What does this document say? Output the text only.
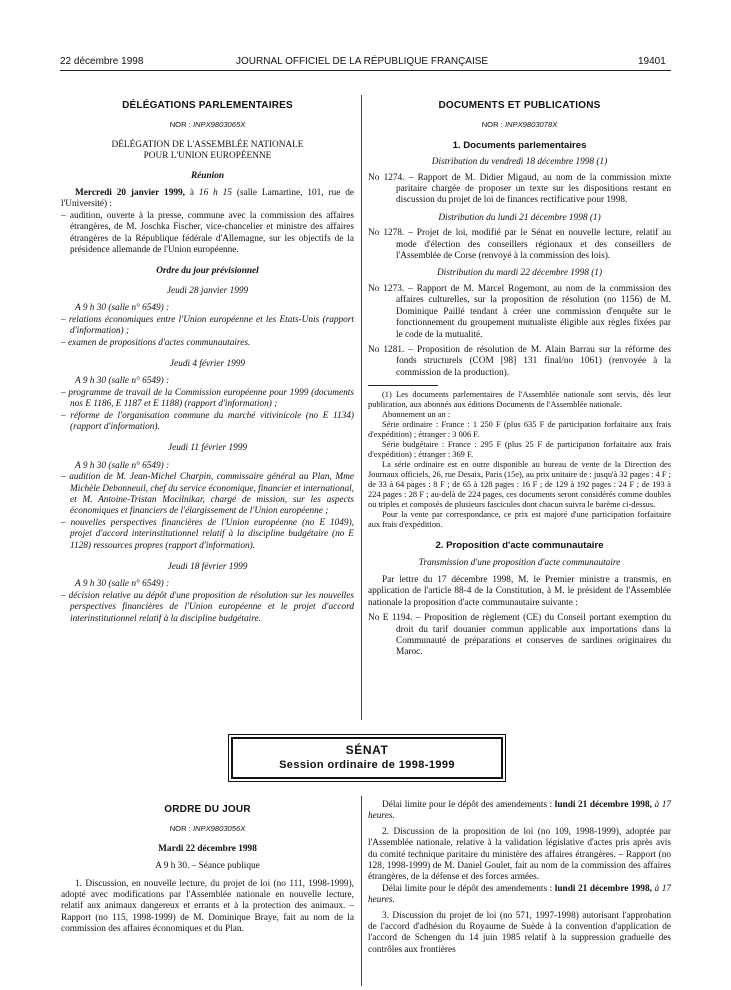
22 décembre 1998	JOURNAL OFFICIEL DE LA RÉPUBLIQUE FRANÇAISE	19401
DÉLÉGATIONS PARLEMENTAIRES
NOR : INPX9803065X

DÉLÉGATION DE L'ASSEMBLÉE NATIONALE

POUR L'UNION EUROPÉENNE

Réunion

Mercredi 20 janvier 1999, à 16 h 15 (salle Lamartine, 101, rue de l'Université) :

– audition, ouverte à la presse, commune avec la commission des affaires étrangères, de M. Joschka Fischer, vice-chancelier et ministre des affaires étrangères de la République fédérale d'Allemagne, sur les objectifs de la présidence allemande de l'Union européenne.

Ordre du jour prévisionnel

Jeudi 28 janvier 1999

A 9 h 30 (salle n° 6549) :

– relations économiques entre l'Union européenne et les Etats-Unis (rapport d'information) ;

– examen de propositions d'actes communautaires.

Jeudi 4 février 1999

A 9 h 30 (salle n° 6549) :

– programme de travail de la Commission européenne pour 1999 (documents nos E 1186, E 1187 et E 1188) (rapport d'information) ;

– réforme de l'organisation commune du marché vitivinicole (no E 1134) (rapport d'information).

Jeudi 11 février 1999

A 9 h 30 (salle n° 6549) :

– audition de M. Jean-Michel Charpin, commissaire général au Plan, Mme Michèle Debonneuil, chef du service économique, financier et international, et M. Antoine-Tristan Mocilnikar, chargé de mission, sur les aspects économiques et financiers de l'élargissement de l'Union européenne ;

– nouvelles perspectives financières de l'Union européenne (no E 1049), projet d'accord interinstitutionnel relatif à la discipline budgétaire (no E 1128) ressources propres (rapport d'information).

Jeudi 18 février 1999

A 9 h 30 (salle n° 6549) :

– décision relative au dépôt d'une proposition de résolution sur les nouvelles perspectives financières de l'Union européenne et le projet d'accord interinstitutionnel relatif à la discipline budgétaire.

DOCUMENTS ET PUBLICATIONS
NOR : INPX9803078X

1. Documents parlementaires

Distribution du vendredi 18 décembre 1998 (1)

No 1274. – Rapport de M. Didier Migaud, au nom de la commission mixte paritaire chargée de proposer un texte sur les dispositions restant en discussion du projet de loi de finances rectificative pour 1998.

Distribution du lundi 21 décembre 1998 (1)

No 1278. – Projet de loi, modifié par le Sénat en nouvelle lecture, relatif au mode d'élection des conseillers régionaux et des conseillers de l'Assemblée de Corse (renvoyé à la commission des lois).

Distribution du mardi 22 décembre 1998 (1)

No 1273. – Rapport de M. Marcel Rogemont, au nom de la commission des affaires culturelles, sur la proposition de résolution (no 1156) de M. Dominique Paillé tendant à créer une commission d'enquête sur le fonctionnement du groupement mutualiste éligible aux règles fixées par le code de la mutualité.

No 1281. – Proposition de résolution de M. Alain Barrau sur la réforme des fonds structurels (COM [98] 131 final/no 1061) (renvoyée à la commission de la production).

(1) Les documents parlementaires de l'Assemblée nationale sont servis, dès leur publication, aux abonnés aux éditions Documents de l'Assemblée nationale.

Abonnement un an :

Série ordinaire : France : 1 250 F (plus 635 F de participation forfaitaire aux frais d'expédition) ; étranger : 3 006 F.

Série budgétaire : France : 295 F (plus 25 F de participation forfaitaire aux frais d'expédition) ; étranger : 369 F.

La série ordinaire est en outre disponible au bureau de vente de la Direction des Journaux officiels, 26, rue Desaix, Paris (15e), au prix unitaire de : jusqu'à 32 pages : 4 F ; de 33 à 64 pages : 8 F ; de 65 à 128 pages : 16 F ; de 129 à 192 pages : 24 F ; de 193 à 224 pages : 28 F ; au-delà de 224 pages, ces documents seront considérés comme doubles ou triples et composés de plusieurs fascicules dont chacun suivra le barème ci-dessus.

Pour la vente par correspondance, ce prix est majoré d'une participation forfaitaire aux frais d'expédition.

2. Proposition d'acte communautaire

Transmission d'une proposition d'acte communautaire

Par lettre du 17 décembre 1998, M. le Premier ministre a transmis, en application de l'article 88-4 de la Constitution, à M. le président de l'Assemblée nationale la proposition d'acte communautaire suivante :

No E 1194. – Proposition de règlement (CE) du Conseil portant exemption du droit du tarif douanier commun applicable aux importations dans la Communauté de préparations et conserves de sardines originaires du Maroc.

SÉNAT
Session ordinaire de 1998-1999
ORDRE DU JOUR
NOR : INPX9803056X

Mardi 22 décembre 1998

A 9 h 30. – Séance publique

1. Discussion, en nouvelle lecture, du projet de loi (no 111, 1998-1999), adopté avec modifications par l'Assemblée nationale en nouvelle lecture, relatif aux animaux dangereux et errants et à la protection des animaux. – Rapport (no 115, 1998-1999) de M. Dominique Braye, fait au nom de la commission des affaires économiques et du Plan.

Délai limite pour le dépôt des amendements : lundi 21 décembre 1998, à 17 heures.

2. Discussion de la proposition de loi (no 109, 1998-1999), adoptée par l'Assemblée nationale, relative à la validation législative d'actes pris après avis du comité technique paritaire du ministère des affaires étrangères. – Rapport (no 128, 1998-1999) de M. Daniel Goulet, fait au nom de la commission des affaires étrangères, de la défense et des forces armées.

Délai limite pour le dépôt des amendements : lundi 21 décembre 1998, à 17 heures.

3. Discussion du projet de loi (no 571, 1997-1998) autorisant l'approbation de l'accord d'adhésion du Royaume de Suède à la convention d'application de l'accord de Schengen du 14 juin 1985 relatif à la suppression graduelle des contrôles aux frontières
